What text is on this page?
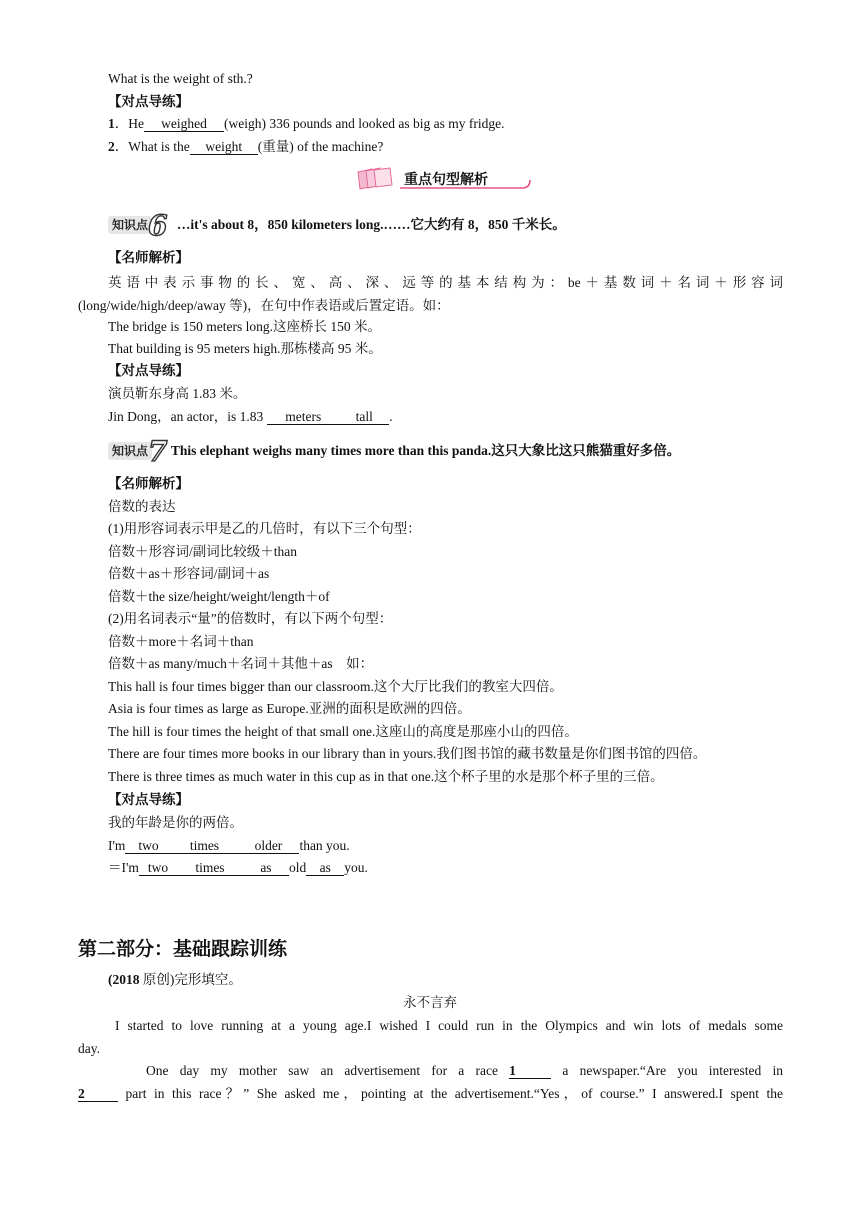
What is the weight of sth.?
【对点导练】
1．He weighed (weigh) 336 pounds and looked as big as my fridge.
2．What is the weight (重量) of the machine?
重点句型解析
知识点6 …it's about 8，850 kilometers long.……它大约有 8，850 千米长。
【名师解析】
英语中表示事物的长、宽、高、深、远等的基本结构为：be＋基数词＋名词＋形容词
(long/wide/high/deep/away 等)，在句中作表语或后置定语。如：
The bridge is 150 meters long.这座桥长 150 米。
That building is 95 meters high.那栋楼高 95 米。
【对点导练】
演员靳东身高 1.83 米。
Jin Dong，an actor，is 1.83 meters	tall .
知识点7 This elephant weighs many times more than this panda.这只大象比这只熊猫重好多倍。
【名师解析】
倍数的表达
(1)用形容词表示甲是乙的几倍时，有以下三个句型：
倍数＋形容词/副词比较级＋than
倍数＋as＋形容词/副词＋as
倍数＋the size/height/weight/length＋of
(2)用名词表示“量”的倍数时，有以下两个句型：
倍数＋more＋名词＋than
倍数＋as many/much＋名词＋其他＋as　如：
This hall is four times bigger than our classroom.这个大厅比我们的教室大四倍。
Asia is four times as large as Europe.亚洲的面积是欧洲的四倍。
The hill is four times the height of that small one.这座山的高度是那座小山的四倍。
There are four times more books in our library than in yours.我们图书馆的藏书数量是你们图书馆的四倍。
There is three times as much water in this cup as in that one.这个杯子里的水是那个杯子里的三倍。
【对点导练】
我的年龄是你的两倍。
I'm two times	older than you.
＝I'm two times	as old as you.
第二部分：基础跟踪训练
(2018 原创)完形填空。
永不言弃
I started to love running at a young age.I wished I could run in the Olympics and win lots of medals some
day.
One day my mother saw an advertisement for a race 1	a newspaper.“Are you interested in
2	part in this race？” She asked me，pointing at the advertisement.“Yes，of course.” I answered.I spent the
